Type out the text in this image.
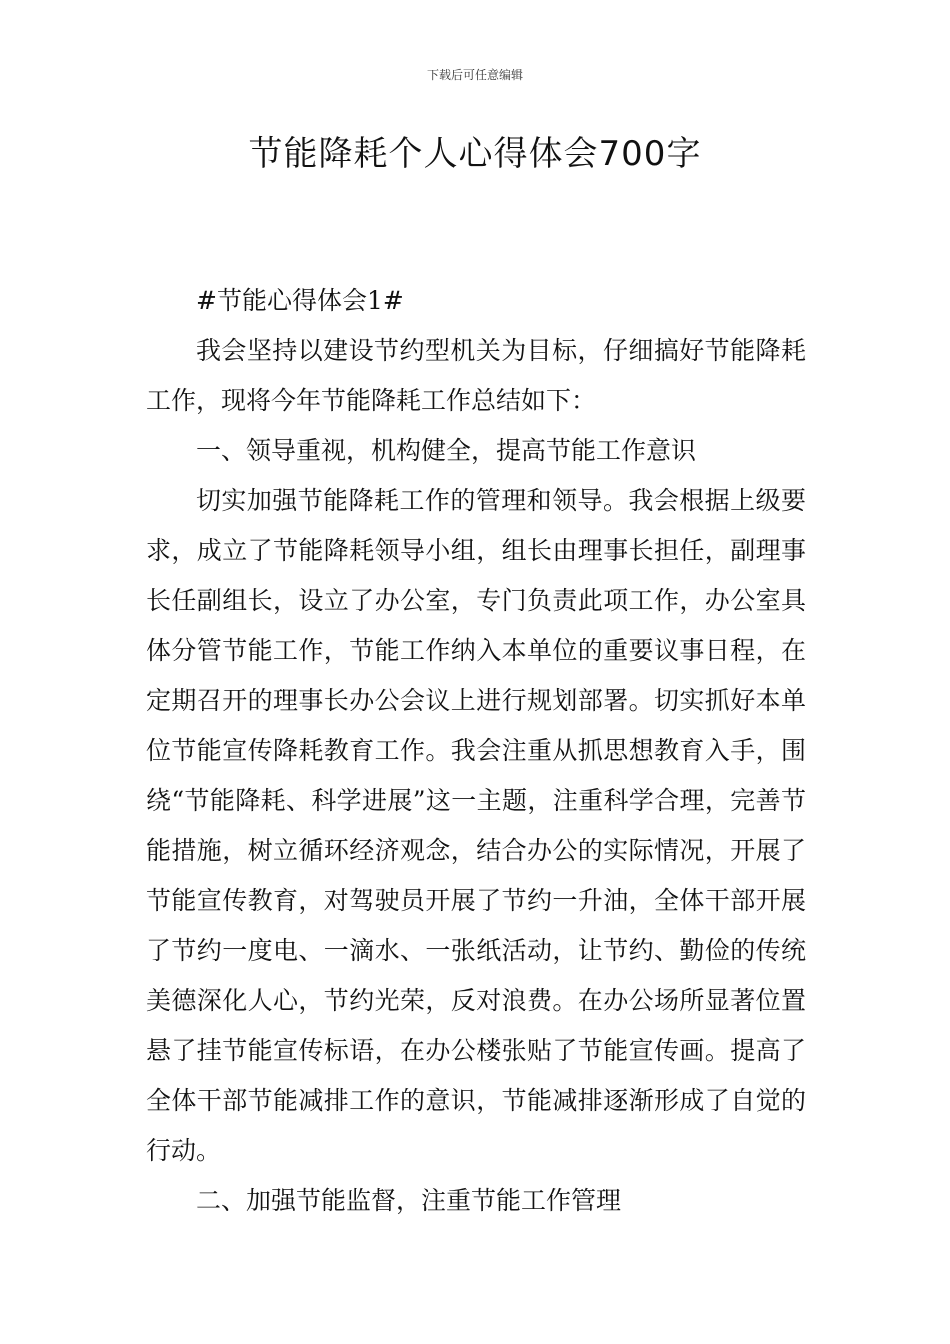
下载后可任意编辑
节能降耗个人心得体会700字

#节能心得体会1#

我会坚持以建设节约型机关为目标，仔细搞好节能降耗工作，现将今年节能降耗工作总结如下：

一、领导重视，机构健全，提高节能工作意识

切实加强节能降耗工作的管理和领导。我会根据上级要求，成立了节能降耗领导小组，组长由理事长担任，副理事长任副组长，设立了办公室，专门负责此项工作，办公室具体分管节能工作，节能工作纳入本单位的重要议事日程，在定期召开的理事长办公会议上进行规划部署。切实抓好本单位节能宣传降耗教育工作。我会注重从抓思想教育入手，围绕“节能降耗、科学进展”这一主题，注重科学合理，完善节能措施，树立循环经济观念，结合办公的实际情况，开展了节能宣传教育，对驾驶员开展了节约一升油，全体干部开展了节约一度电、一滴水、一张纸活动，让节约、勤俭的传统美德深化人心，节约光荣，反对浪费。在办公场所显著位置悬了挂节能宣传标语，在办公楼张贴了节能宣传画。提高了全体干部节能减排工作的意识，节能减排逐渐形成了自觉的行动。

二、加强节能监督，注重节能工作管理
